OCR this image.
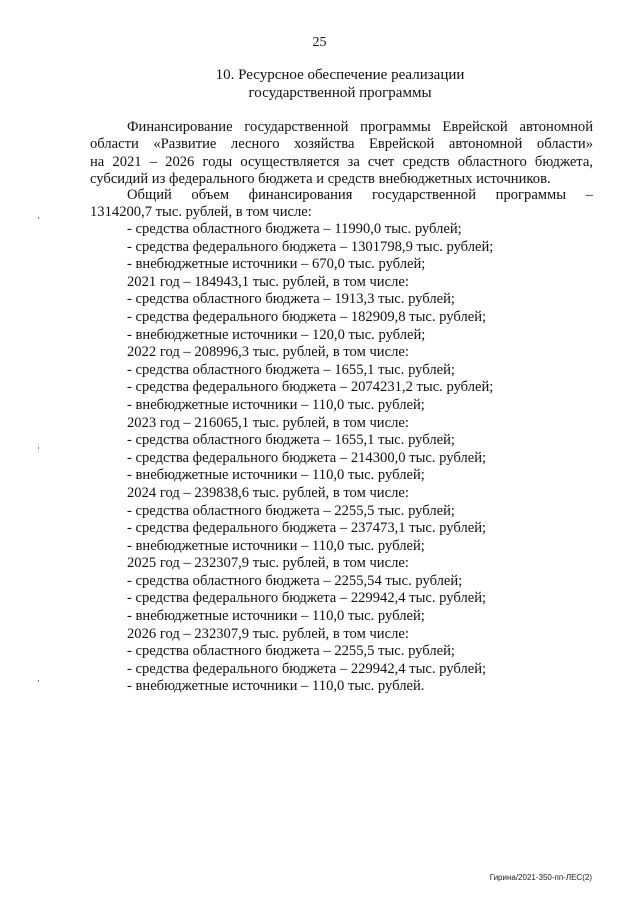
25
10. Ресурсное обеспечение реализации
государственной программы
Финансирование государственной программы Еврейской автономной
области «Развитие лесного хозяйства Еврейской автономной области»
на 2021 – 2026 годы осуществляется за счет средств областного бюджета,
субсидий из федерального бюджета и средств внебюджетных источников.
Общий объем финансирования государственной программы –
1314200,7 тыс. рублей, в том числе:
- средства областного бюджета – 11990,0 тыс. рублей;
- средства федерального бюджета – 1301798,9 тыс. рублей;
- внебюджетные источники – 670,0 тыс. рублей;
2021 год – 184943,1 тыс. рублей, в том числе:
- средства областного бюджета – 1913,3 тыс. рублей;
- средства федерального бюджета – 182909,8 тыс. рублей;
- внебюджетные источники – 120,0 тыс. рублей;
2022 год – 208996,3 тыс. рублей, в том числе:
- средства областного бюджета – 1655,1 тыс. рублей;
- средства федерального бюджета – 2074231,2 тыс. рублей;
- внебюджетные источники – 110,0 тыс. рублей;
2023 год – 216065,1 тыс. рублей, в том числе:
- средства областного бюджета – 1655,1 тыс. рублей;
- средства федерального бюджета – 214300,0 тыс. рублей;
- внебюджетные источники – 110,0 тыс. рублей;
2024 год – 239838,6 тыс. рублей, в том числе:
- средства областного бюджета – 2255,5 тыс. рублей;
- средства федерального бюджета – 237473,1 тыс. рублей;
- внебюджетные источники – 110,0 тыс. рублей;
2025 год – 232307,9 тыс. рублей, в том числе:
- средства областного бюджета – 2255,54 тыс. рублей;
- средства федерального бюджета – 229942,4 тыс. рублей;
- внебюджетные источники – 110,0 тыс. рублей;
2026 год – 232307,9 тыс. рублей, в том числе:
- средства областного бюджета – 2255,5 тыс. рублей;
- средства федерального бюджета – 229942,4 тыс. рублей;
- внебюджетные источники – 110,0 тыс. рублей.
Гирина/2021-350-пп-ЛЕС(2)
